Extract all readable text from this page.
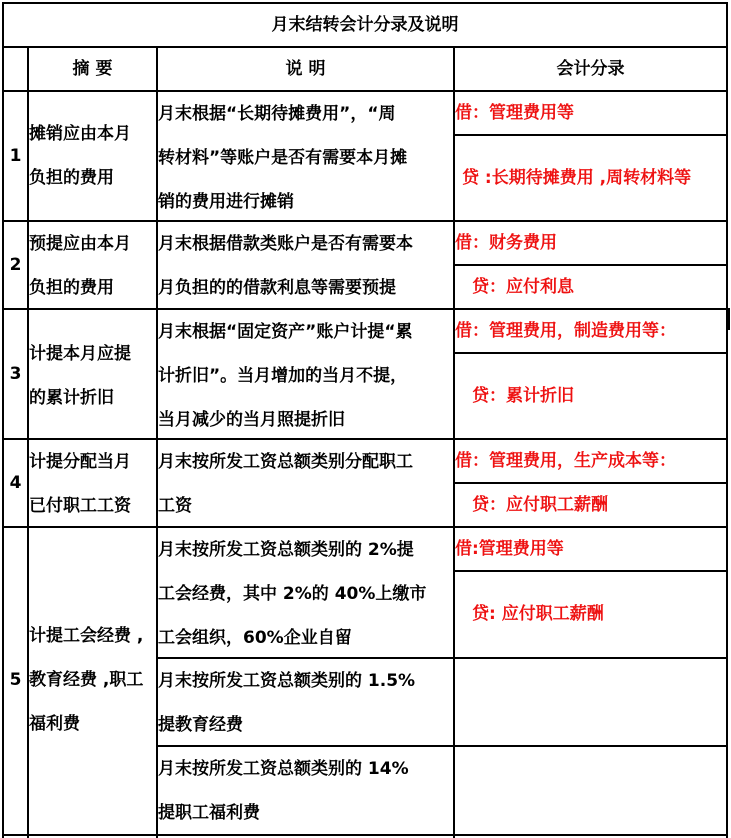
月末结转会计分录及说明
摘 要	说 明	会计分录
1
摊销应由本月
负担的费用
月末根据“长期待摊费用”，“周
转材料”等账户是否有需要本月摊
销的费用进行摊销
借：管理费用等
贷 :长期待摊费用 ,周转材料等
2
预提应由本月
负担的费用
月末根据借款类账户是否有需要本
月负担的的借款利息等需要预提
借：财务费用
贷：应付利息
3
计提本月应提
的累计折旧
月末根据“固定资产”账户计提“累
计折旧”。当月增加的当月不提，
当月减少的当月照提折旧
借：管理费用，制造费用等：
贷：累计折旧
4
计提分配当月
已付职工工资
月末按所发工资总额类别分配职工
工资
借：管理费用，生产成本等：
贷：应付职工薪酬
5
计提工会经费 ,
教育经费 ,职工
福利费
月末按所发工资总额类别的 2%提
工会经费，其中 2%的 40%上缴市
工会组织，60%企业自留
月末按所发工资总额类别的 1.5%
提教育经费
月末按所发工资总额类别的 14%
提职工福利费
借:管理费用等
贷: 应付职工薪酬
